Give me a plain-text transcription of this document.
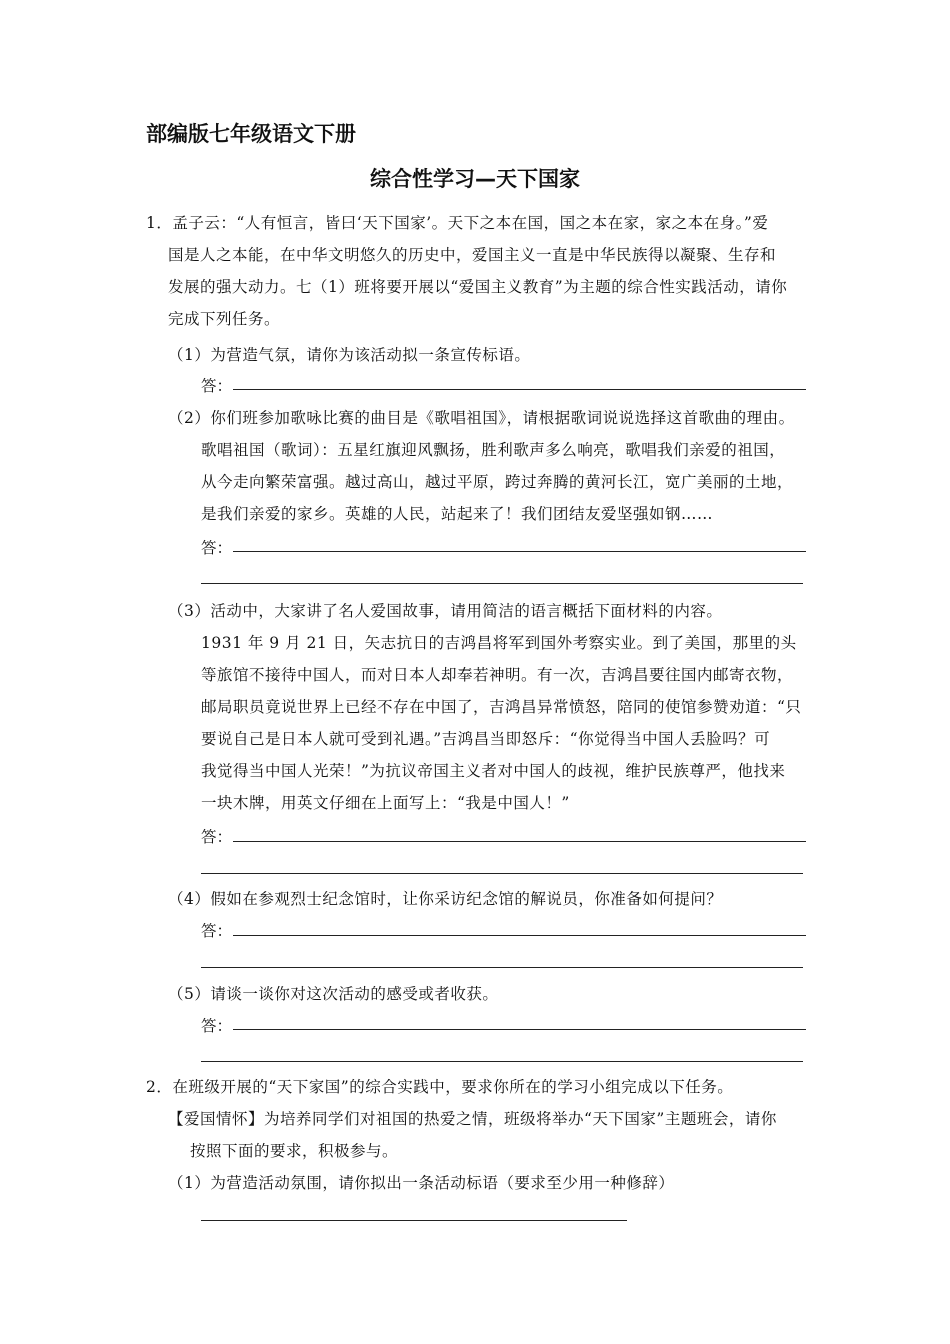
部编版七年级语文下册
综合性学习—天下国家
1．孟子云：“人有恒言，皆曰‘天下国家’。天下之本在国，国之本在家，家之本在身。”爱
国是人之本能，在中华文明悠久的历史中，爱国主义一直是中华民族得以凝聚、生存和
发展的强大动力。七（1）班将要开展以“爱国主义教育”为主题的综合性实践活动，请你
完成下列任务。
（1）为营造气氛，请你为该活动拟一条宣传标语。
答：
（2）你们班参加歌咏比赛的曲目是《歌唱祖国》，请根据歌词说说选择这首歌曲的理由。
歌唱祖国（歌词）：五星红旗迎风飘扬，胜利歌声多么响亮，歌唱我们亲爱的祖国，
从今走向繁荣富强。越过高山，越过平原，跨过奔腾的黄河长江，宽广美丽的土地，
是我们亲爱的家乡。英雄的人民，站起来了！我们团结友爱坚强如钢……
答：
（3）活动中，大家讲了名人爱国故事，请用简洁的语言概括下面材料的内容。
1931 年 9 月 21 日，矢志抗日的吉鸿昌将军到国外考察实业。到了美国，那里的头
等旅馆不接待中国人，而对日本人却奉若神明。有一次，吉鸿昌要往国内邮寄衣物，
邮局职员竟说世界上已经不存在中国了，吉鸿昌异常愤怒，陪同的使馆参赞劝道：“只
要说自己是日本人就可受到礼遇。”吉鸿昌当即怒斥：“你觉得当中国人丢脸吗？可
我觉得当中国人光荣！”为抗议帝国主义者对中国人的歧视，维护民族尊严，他找来
一块木牌，用英文仔细在上面写上：“我是中国人！”
答：
（4）假如在参观烈士纪念馆时，让你采访纪念馆的解说员，你准备如何提问？
答：
（5）请谈一谈你对这次活动的感受或者收获。
答：
2．在班级开展的“天下家国”的综合实践中，要求你所在的学习小组完成以下任务。
【爱国情怀】为培养同学们对祖国的热爱之情，班级将举办“天下国家”主题班会，请你
按照下面的要求，积极参与。
（1）为营造活动氛围，请你拟出一条活动标语（要求至少用一种修辞）
